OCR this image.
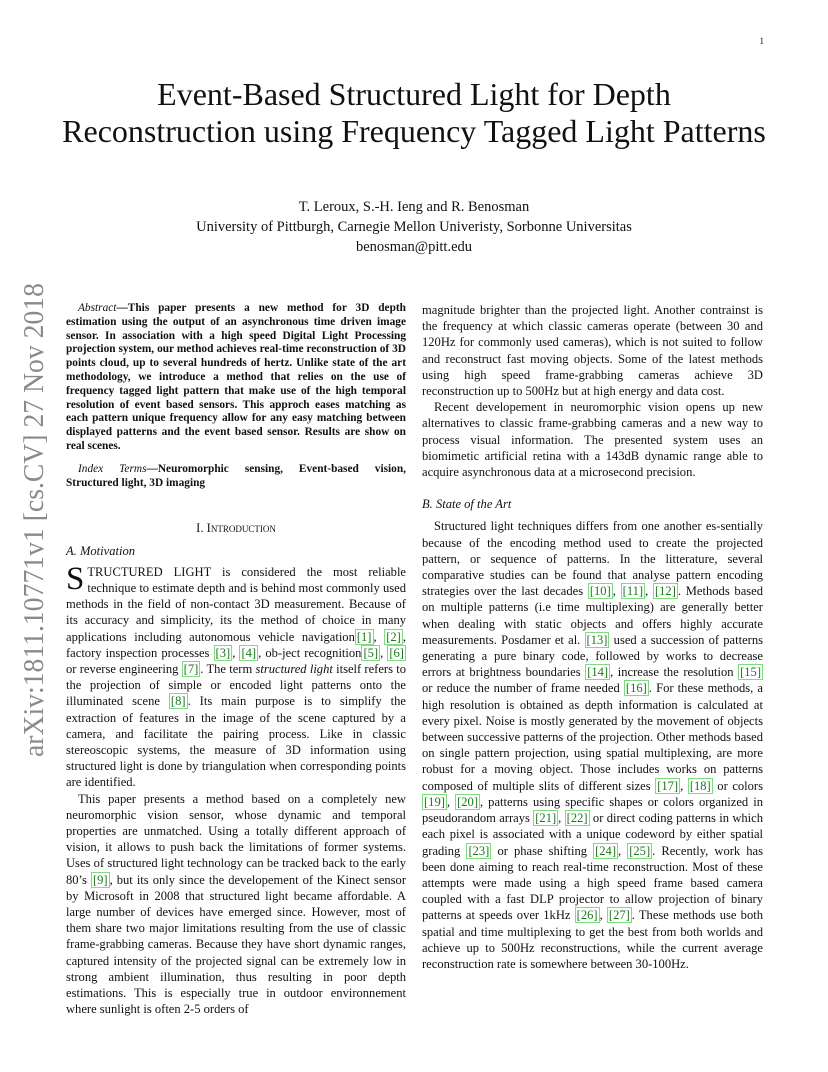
1
arXiv:1811.10771v1 [cs.CV] 27 Nov 2018
Event-Based Structured Light for Depth Reconstruction using Frequency Tagged Light Patterns
T. Leroux, S.-H. Ieng and R. Benosman
University of Pittburgh, Carnegie Mellon Univeristy, Sorbonne Universitas
benosman@pitt.edu

Abstract—This paper presents a new method for 3D depth estimation using the output of an asynchronous time driven image sensor. In association with a high speed Digital Light Processing projection system, our method achieves real-time reconstruction of 3D points cloud, up to several hundreds of hertz. Unlike state of the art methodology, we introduce a method that relies on the use of frequency tagged light pattern that make use of the high temporal resolution of event based sensors. This approch eases matching as each pattern unique frequency allow for any easy matching between displayed patterns and the event based sensor. Results are show on real scenes.

Index Terms—Neuromorphic sensing, Event-based vision, Structured light, 3D imaging

I. Introduction

A. Motivation

STRUCTURED LIGHT is considered the most reliable technique to estimate depth and is behind most commonly used methods in the field of non-contact 3D measurement. Because of its accuracy and simplicity, its the method of choice in many applications including autonomous vehicle navigation [1] , [2] , factory inspection processes [3] , [4] , ob-ject recognition [5] , [6] or reverse engineering [7] . The term structured light itself refers to the projection of simple or encoded light patterns onto the illuminated scene [8] . Its main purpose is to simplify the extraction of features in the image of the scene captured by a camera, and facilitate the pairing process. Like in classic stereoscopic systems, the measure of 3D information using structured light is done by triangulation when corresponding points are identified.

This paper presents a method based on a completely new neuromorphic vision sensor, whose dynamic and temporal properties are unmatched. Using a totally different approach of vision, it allows to push back the limitations of former systems. Uses of structured light technology can be tracked back to the early 80’s [9] , but its only since the developement of the Kinect sensor by Microsoft in 2008 that structured light became affordable. A large number of devices have emerged since. However, most of them share two major limitations resulting from the use of classic frame-grabbing cameras. Because they have short dynamic ranges, captured intensity of the projected signal can be extremely low in strong ambient illumination, thus resulting in poor depth estimations. This is especially true in outdoor environnement where sunlight is often 2-5 orders of

magnitude brighter than the projected light. Another contrainst is the frequency at which classic cameras operate (between 30 and 120Hz for commonly used cameras), which is not suited to follow and reconstruct fast moving objects. Some of the latest methods using high speed frame-grabbing cameras achieve 3D reconstruction up to 500Hz but at high energy and data cost.

Recent developement in neuromorphic vision opens up new alternatives to classic frame-grabbing cameras and a new way to process visual information. The presented system uses an biomimetic artificial retina with a 143dB dynamic range able to acquire asynchronous data at a microsecond precision.

B. State of the Art

Structured light techniques differs from one another es-sentially because of the encoding method used to create the projected pattern, or sequence of patterns. In the litterature, several comparative studies can be found that analyse pattern encoding strategies over the last decades [10] , [11] , [12] . Methods based on multiple patterns (i.e time multiplexing) are generally better when dealing with static objects and offers highly accurate measurements. Posdamer et al. [13] used a succession of patterns generating a pure binary code, followed by works to decrease errors at brightness boundaries [14] , increase the resolution [15] or reduce the number of frame needed [16] . For these methods, a high resolution is obtained as depth information is calculated at every pixel. Noise is mostly generated by the movement of objects between successive patterns of the projection. Other methods based on single pattern projection, using spatial multiplexing, are more robust for a moving object. Those includes works on patterns composed of multiple slits of different sizes [17] , [18] or colors [19] , [20] , patterns using specific shapes or colors organized in pseudorandom arrays [21] , [22] or direct coding patterns in which each pixel is associated with a unique codeword by either spatial grading [23] or phase shifting [24] , [25] . Recently, work has been done aiming to reach real-time reconstruction. Most of these attempts were made using a high speed frame based camera coupled with a fast DLP projector to allow projection of binary patterns at speeds over 1kHz [26] , [27] . These methods use both spatial and time multiplexing to get the best from both worlds and achieve up to 500Hz reconstructions, while the current average reconstruction rate is somewhere between 30-100Hz.
